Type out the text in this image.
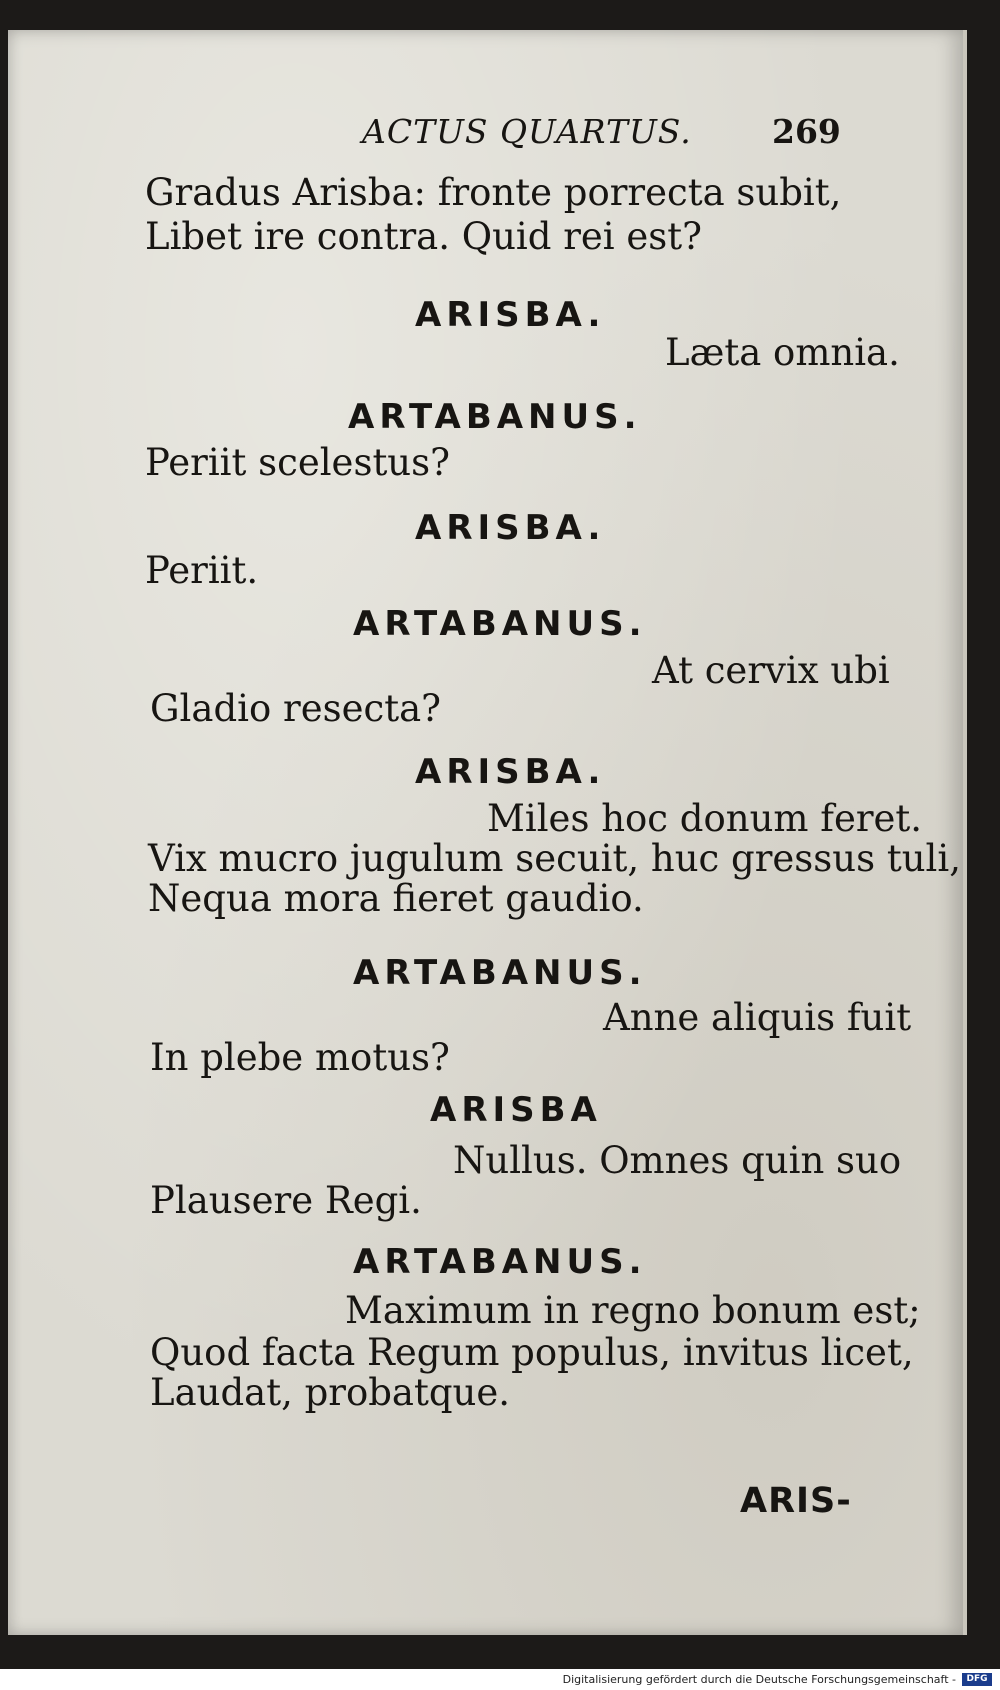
ACTUS QUARTUS. 269
Gradus Arisba: fronte porrecta subit,
Libet ire contra. Quid rei est?
ARISBA.
Læta omnia.
ARTABANUS.
Periit scelestus?
ARISBA.
Periit.
ARTABANUS.
At cervix ubi
Gladio resecta?
ARISBA.
Miles hoc donum feret.
Vix mucro jugulum secuit, huc gressus tuli,
Nequa mora fieret gaudio.
ARTABANUS.
Anne aliquis fuit
In plebe motus?
ARISBA
Nullus. Omnes quin suo
Plausere Regi.
ARTABANUS.
Maximum in regno bonum est;
Quod facta Regum populus, invitus licet,
Laudat, probatque.
ARIS-
Digitalisierung gefördert durch die Deutsche Forschungsgemeinschaft -	DFG
